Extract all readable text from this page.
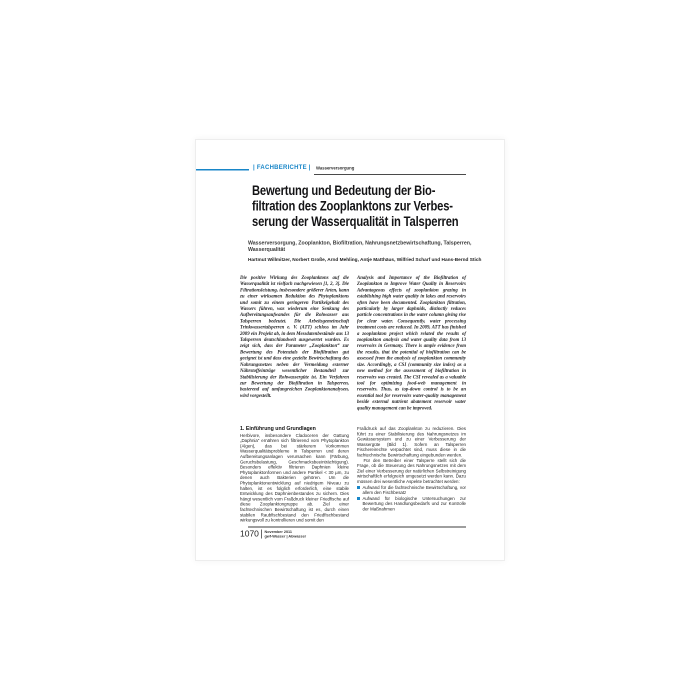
| FACHBERICHTE | Wasserversorgung
Bewertung und Bedeutung der Bio-
filtration des Zooplanktons zur Verbes-
serung der Wasserqualität in Talsperren
Wasserversorgung, Zooplankton, Biofiltration, Nahrungsnetzbewirtschaftung, Talsperren, Wasserqualität
Hartmut Willmitzer, Norbert Große, Arnd Mehling, Antje Matthäus, Wilfried Scharf und Hans-Bernd Stich
Die positive Wirkung des Zooplanktons auf die Wasserqualität ist vielfach nachgewiesen [1, 2, 3]. Die Filtrationsleistung, insbesondere größerer Arten, kann zu einer wirksamen Reduktion des Phytoplanktons und somit zu einem geringeren Partikelgehalt des Wassers führen, was wiederum eine Senkung des Aufbereitungsaufwandes für die Rohwasser aus Talsperren bedeutet. Die Arbeitsgemeinschaft Trinkwassertalsperren e. V. (ATT) schloss im Jahr 2009 ein Projekt ab, in dem Messdatenbestände aus 13 Talsperren deutschlandweit ausgewertet wurden. Es zeigt sich, dass der Parameter „Zooplankton“ zur Bewertung des Potenzials der Biofiltration gut geeignet ist und dass eine gezielte Bewirtschaftung des Nahrungsnetzes neben der Vermeidung externer Nährstoffeinträge wesentlicher Bestandteil zur Stabilisierung der Rohwassergüte ist. Ein Verfahren zur Bewertung der Biofiltration in Talsperren, basierend auf umfangreichen Zooplanktonanalysen, wird vorgestellt.
Analysis and Importance of the Biofiltration of Zooplankton to Improve Water Quality in Reservoirs Advantageous effects of zooplankton grazing in establishing high water quality in lakes and reservoirs often have been documented. Zooplankton filtration, particularly by larger daphnids, distinctly reduces particle concentrations in the water column giving rise for clear water. Consequently, water processing treatment costs are reduced. In 2009, ATT has finished a zooplankton project which related the results of zooplankton analysis and water quality data from 13 reservoirs in Germany. There is ample evidence from the results, that the potential of biofiltration can be assessed from the analysis of zooplankton community size. Accordingly, a CSI (community size index) as a new method for the assessment of biofiltration in reservoirs was created. The CSI revealed as a valuable tool for optimizing food-web management in reservoirs. Thus, as top-down control is to be an essential tool for reservoirs water-quality management beside external nutrient abatement reservoir water quality management can be improved.
1. Einführung und Grundlagen
Herbivore, insbesondere Cladoceren der Gattung „Daphnia“ ernähren sich filtrierend vom Phytoplankton (Algen), das bei stärkerem Vorkommen Wasserqualitätsprobleme in Talsperren und deren Aufbereitungsanlagen verursachen kann (Färbung, Geruchsbelastung, Geschmacksbeeinträchtigung). Besonders effektiv filtrieren Daphnien kleine Phytoplanktonformen und andere Partikel < 30 µm, zu denen auch Bakterien gehören. Um die Phytoplanktonentwicklung auf niedrigem Niveau zu halten, ist es folglich erforderlich, eine stabile Entwicklung des Daphnienbestandes zu sichern. Dies hängt wesentlich vom Fraßdruck kleiner Friedfische auf diese Zooplanktongruppe ab. Ziel einer fachtechnischen Bewirtschaftung ist es, durch einen stabilen Raubfischbestand den Friedfischbestand wirkungsvoll zu kontrollieren und somit den
Fraßdruck auf das Zooplankton zu reduzieren. Dies führt zu einer Stabilisierung des Nahrungsnetzes im Gewässersystem und zu einer Verbesserung der Wassergüte (Bild 1). Sofern an Talsperren Fischereirechte verpachtet sind, muss diese in die fachtechnische Bewirtschaftung eingebunden werden.
Für den Betreiber einer Talsperre stellt sich die Frage, ob die Steuerung des Nahrungsnetzes mit dem Ziel einer Verbesserung der natürlichen Selbstreinigung wirtschaftlich erfolgreich umgesetzt werden kann. Dazu müssen drei wesentliche Aspekte betrachtet werden:
Aufwand für die fachtechnische Bewirtschaftung, vor allem den Fischbesatz
Aufwand für biologische Untersuchungen zur Bewertung des Handlungsbedarfs und zur Kontrolle der Maßnahmen
1070 November 2011
gwf-Wasser | Abwasser
